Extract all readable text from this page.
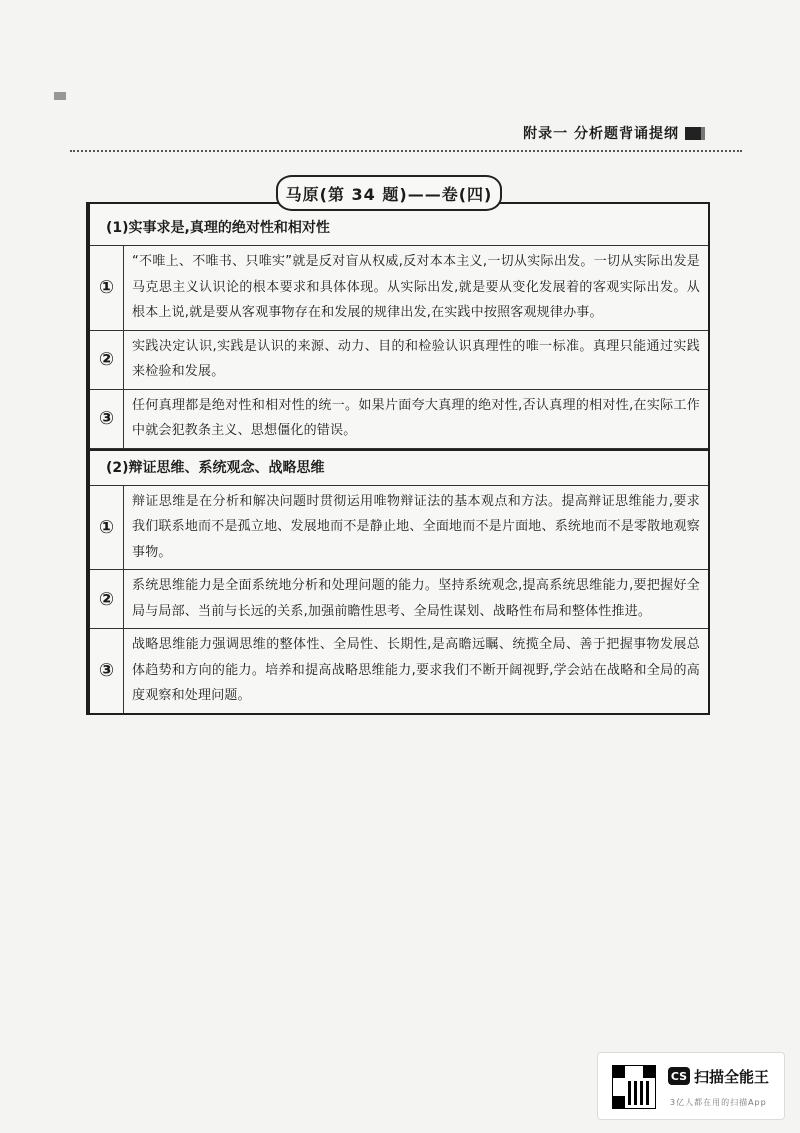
附录一 分析题背诵提纲
马原(第 34 题)——卷(四)
(1)实事求是,真理的绝对性和相对性
①
“不唯上、不唯书、只唯实”就是反对盲从权威,反对本本主义,一切从实际出发。一切从实际出发是马克思主义认识论的根本要求和具体体现。从实际出发,就是要从变化发展着的客观实际出发。从根本上说,就是要从客观事物存在和发展的规律出发,在实践中按照客观规律办事。
②
实践决定认识,实践是认识的来源、动力、目的和检验认识真理性的唯一标准。真理只能通过实践来检验和发展。
③
任何真理都是绝对性和相对性的统一。如果片面夸大真理的绝对性,否认真理的相对性,在实际工作中就会犯教条主义、思想僵化的错误。
(2)辩证思维、系统观念、战略思维
①
辩证思维是在分析和解决问题时贯彻运用唯物辩证法的基本观点和方法。提高辩证思维能力,要求我们联系地而不是孤立地、发展地而不是静止地、全面地而不是片面地、系统地而不是零散地观察事物。
②
系统思维能力是全面系统地分析和处理问题的能力。坚持系统观念,提高系统思维能力,要把握好全局与局部、当前与长远的关系,加强前瞻性思考、全局性谋划、战略性布局和整体性推进。
③
战略思维能力强调思维的整体性、全局性、长期性,是高瞻远瞩、统揽全局、善于把握事物发展总体趋势和方向的能力。培养和提高战略思维能力,要求我们不断开阔视野,学会站在战略和全局的高度观察和处理问题。
CS 扫描全能王
3亿人都在用的扫描App
